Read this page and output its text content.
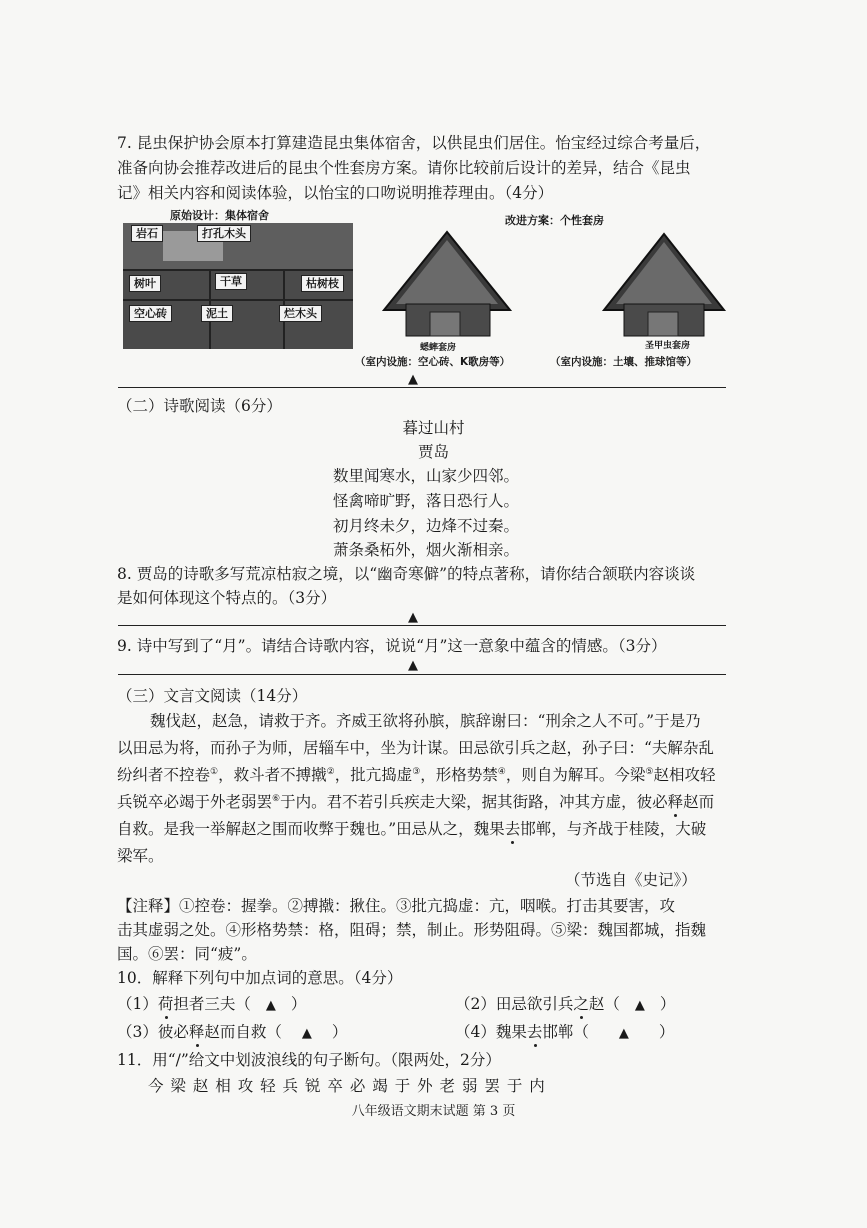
7. 昆虫保护协会原本打算建造昆虫集体宿舍，以供昆虫们居住。怡宝经过综合考量后，
准备向协会推荐改进后的昆虫个性套房方案。请你比较前后设计的差异，结合《昆虫
记》相关内容和阅读体验，以怡宝的口吻说明推荐理由。（4分）
原始设计：集体宿舍
岩石	打孔木头
树叶	干草	枯树枝
空心砖	泥土	烂木头
改进方案：个性套房
蟋蟀套房
（室内设施：空心砖、K歌房等）
圣甲虫套房
（室内设施：土壤、推球馆等）
▲
（二）诗歌阅读（6分）
暮过山村
贾岛
数里闻寒水，山家少四邻。
怪禽啼旷野，落日恐行人。
初月终未夕，边烽不过秦。
萧条桑柘外，烟火渐相亲。
8. 贾岛的诗歌多写荒凉枯寂之境，以“幽奇寒僻”的特点著称，请你结合颔联内容谈谈
是如何体现这个特点的。（3分）
▲
9. 诗中写到了“月”。请结合诗歌内容，说说“月”这一意象中蕴含的情感。（3分）
▲
（三）文言文阅读（14分）
魏伐赵，赵急，请救于齐。齐威王欲将孙膑，膑辞谢曰：“刑余之人不可。”于是乃
以田忌为将，而孙子为师，居辎车中，坐为计谋。田忌欲引兵之赵，孙子曰：“夫解杂乱
纷纠者不控卷①，救斗者不搏撠②，批亢捣虚③，形格势禁④，则自为解耳。今梁⑤赵相攻轻
兵锐卒必竭于外老弱罢⑥于内。君不若引兵疾走大梁，据其街路，冲其方虚，彼必释赵而
自救。是我一举解赵之围而收弊于魏也。”田忌从之，魏果去邯郸，与齐战于桂陵，大破
梁军。
（节选自《史记》）
【注释】①控卷：握拳。②搏撠：揪住。③批亢捣虚：亢，咽喉。打击其要害，攻
击其虚弱之处。④形格势禁：格，阻碍；禁，制止。形势阻碍。⑤梁：魏国都城，指魏
国。⑥罢：同“疲”。
10．解释下列句中加点词的意思。（4分）
（1）荷担者三夫（ ▲ ）	（2）田忌欲引兵之赵（ ▲ ）
（3）彼必释赵而自救（ ▲ ）	（4）魏果去邯郸（ ▲ ）
11．用“/”给文中划波浪线的句子断句。（限两处，2分）
今 梁 赵 相 攻 轻 兵 锐 卒 必 竭 于 外 老 弱 罢 于 内
八年级语文期末试题 第 3 页
